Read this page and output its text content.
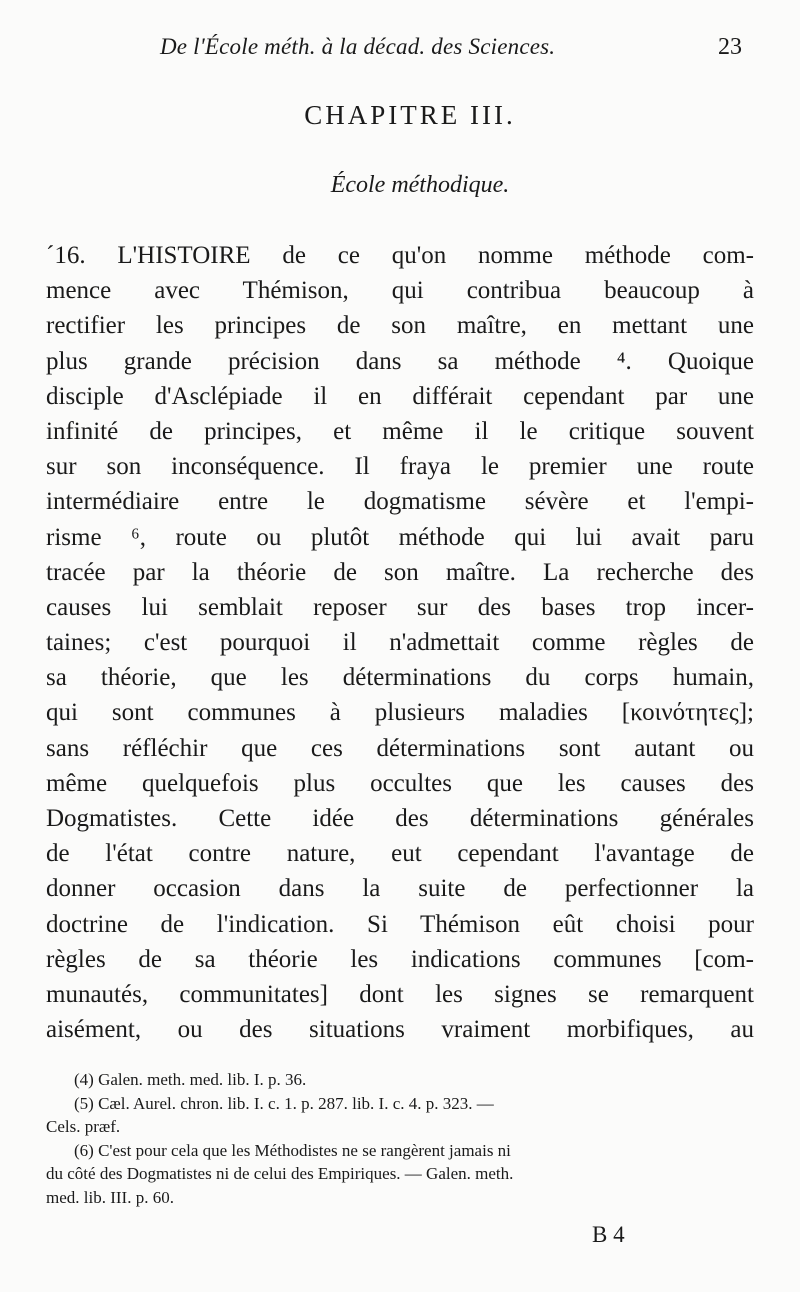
De l'École méth. à la décad. des Sciences.	23
CHAPITRE III.
École méthodique.
´16. L'HISTOIRE de ce qu'on nomme méthode com-
mence avec Thémison, qui contribua beaucoup à
rectifier les principes de son maître, en mettant une
plus grande précision dans sa méthode ⁴. Quoique
disciple d'Asclépiade il en différait cependant par une
infinité de principes, et même il le critique souvent
sur son inconséquence. Il fraya le premier une route
intermédiaire entre le dogmatisme sévère et l'empi-
risme ⁶, route ou plutôt méthode qui lui avait paru
tracée par la théorie de son maître. La recherche des
causes lui semblait reposer sur des bases trop incer-
taines; c'est pourquoi il n'admettait comme règles de
sa théorie, que les déterminations du corps humain,
qui sont communes à plusieurs maladies [κοινότητες];
sans réfléchir que ces déterminations sont autant ou
même quelquefois plus occultes que les causes des
Dogmatistes. Cette idée des déterminations générales
de l'état contre nature, eut cependant l'avantage de
donner occasion dans la suite de perfectionner la
doctrine de l'indication. Si Thémison eût choisi pour
règles de sa théorie les indications communes [com-
munautés, communitates] dont les signes se remarquent
aisément, ou des situations vraiment morbifiques, au
(4) Galen. meth. med. lib. I. p. 36.
(5) Cæl. Aurel. chron. lib. I. c. 1. p. 287. lib. I. c. 4. p. 323. —
Cels. præf.
(6) C'est pour cela que les Méthodistes ne se rangèrent jamais ni
du côté des Dogmatistes ni de celui des Empiriques. — Galen. meth.
med. lib. III. p. 60.
B 4
